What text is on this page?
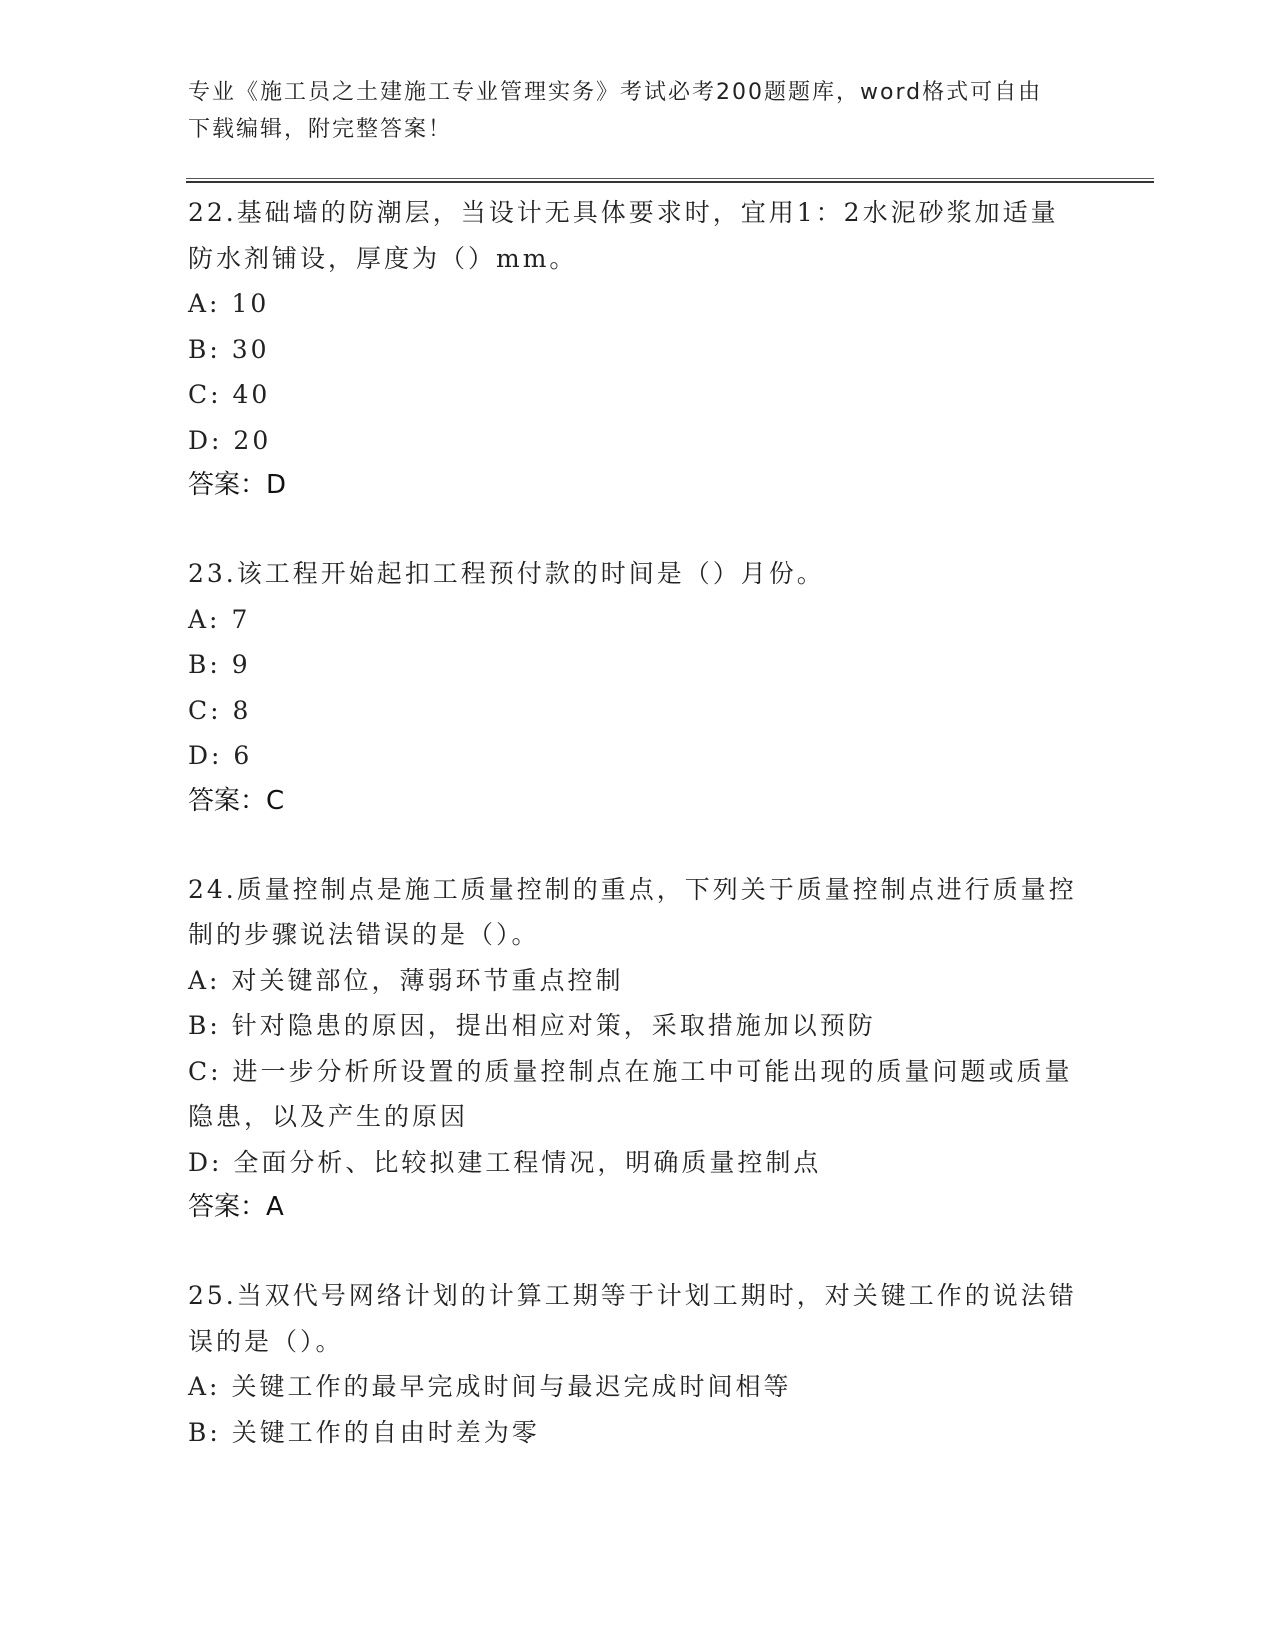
专业《施工员之土建施工专业管理实务》考试必考200题题库，word格式可自由
下载编辑，附完整答案！
22.基础墙的防潮层，当设计无具体要求时，宜用1：2水泥砂浆加适量防水剂铺设，厚度为（）mm。
A: 10
B: 30
C: 40
D: 20
答案：D
23.该工程开始起扣工程预付款的时间是（）月份。
A: 7
B: 9
C: 8
D: 6
答案：C
24.质量控制点是施工质量控制的重点，下列关于质量控制点进行质量控制的步骤说法错误的是（）。
A: 对关键部位，薄弱环节重点控制
B: 针对隐患的原因，提出相应对策，采取措施加以预防
C: 进一步分析所设置的质量控制点在施工中可能出现的质量问题或质量隐患，以及产生的原因
D: 全面分析、比较拟建工程情况，明确质量控制点
答案：A
25.当双代号网络计划的计算工期等于计划工期时，对关键工作的说法错误的是（）。
A: 关键工作的最早完成时间与最迟完成时间相等
B: 关键工作的自由时差为零
